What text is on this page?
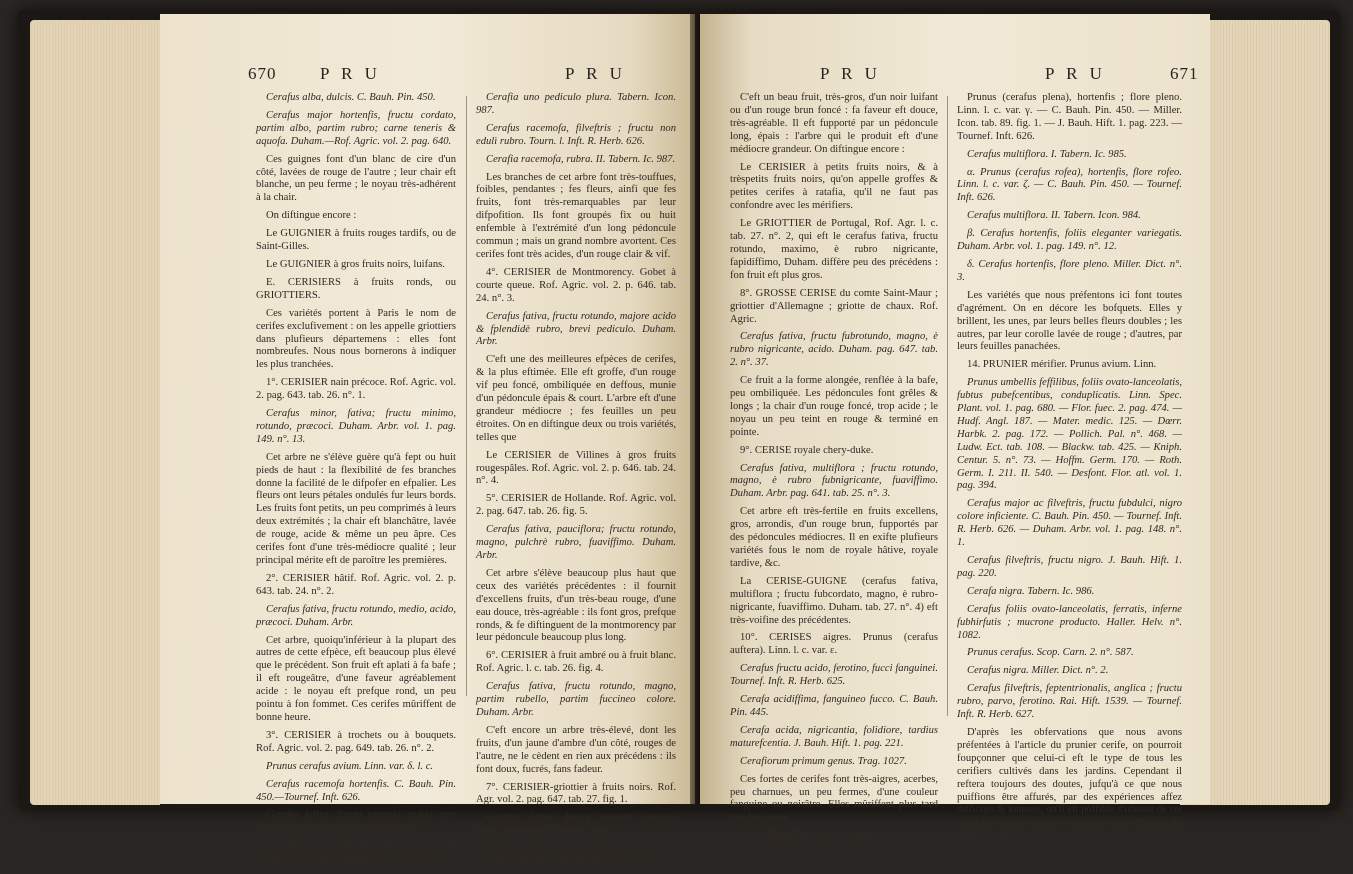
670	P R U	P R U

Cerafus alba, dulcis. C. Bauh. Pin. 450.

Cerafus major hortenfis, fructu cordato, partim albo, partim rubro; carne teneris & aquofa. Duham.—Rof. Agric. vol. 2. pag. 640.

Ces guignes font d'un blanc de cire d'un côté, lavées de rouge de l'autre ; leur chair eft blanche, un peu ferme ; le noyau très-adhérent à la chair.

On diftingue encore :

Le GUIGNIER à fruits rouges tardifs, ou de Saint-Gilles.

Le GUIGNIER à gros fruits noirs, luifans.

E. CERISIERS à fruits ronds, ou GRIOTTIERS.

Ces variétés portent à Paris le nom de cerifes exclufivement : on les appelle griottiers dans plufieurs départemens : elles font nombreufes. Nous nous bornerons à indiquer les plus tranchées.

1°. CERISIER nain précoce. Rof. Agric. vol. 2. pag. 643. tab. 26. n°. 1.

Cerafus minor, fativa; fructu minimo, rotundo, præcoci. Duham. Arbr. vol. 1. pag. 149. n°. 13.

Cet arbre ne s'élève guère qu'à fept ou huit pieds de haut : la flexibilité de fes branches donne la facilité de le difpofer en efpalier. Les fleurs ont leurs pétales ondulés fur leurs bords. Les fruits font petits, un peu comprimés à leurs deux extrémités ; la chair eft blanchâtre, lavée de rouge, acide & même un peu âpre. Ces cerifes font d'une très-médiocre qualité ; leur principal mérite eft de paroître les premières.

2°. CERISIER hâtif. Rof. Agric. vol. 2. p. 643. tab. 24. n°. 2.

Cerafus fativa, fructu rotundo, medio, acido, præcoci. Duham. Arbr.

Cet arbre, quoiqu'inférieur à la plupart des autres de cette efpèce, eft beaucoup plus élevé que le précédent. Son fruit eft aplati à fa bafe ; il eft rougeâtre, d'une faveur agréablement acide : le noyau eft prefque rond, un peu pointu à fon fommet. Ces cerifes mûriffent de bonne heure.

3°. CERISIER à trochets ou à bouquets. Rof. Agric. vol. 2. pag. 649. tab. 26. n°. 2.

Prunus cerafus avium. Linn. var. δ. l. c.

Cerafus racemofa hortenfis. C. Bauh. Pin. 450.—Tournef. Inft. 626.

Cerafus fativa, fructu rotundo, acido, uno pediculo plures ferens. Duham. Arbr.

Cerafus uno pediculo plura ferens, & cerafus racemofa. J. Bauh. Hift. 1. pag. 225.

Cerafia uno pediculo plura. Tabern. Icon. 987.

Cerafus racemofa, filveftris ; fructu non edulì rubro. Tourn. l. Inft. R. Herb. 626.

Cerafia racemofa, rubra. II. Tabern. Ic. 987.

Les branches de cet arbre font très-touffues, foibles, pendantes ; fes fleurs, ainfi que fes fruits, font très-remarquables par leur difpofition. Ils font groupés fix ou huit enfemble à l'extrémité d'un long pédoncule commun ; mais un grand nombre avortent. Ces cerifes font très acides, d'un rouge clair & vif.

4°. CERISIER de Montmorency. Gobet à courte queue. Rof. Agric. vol. 2. p. 646. tab. 24. n°. 3.

Cerafus fativa, fructu rotundo, majore acido & fplendidè rubro, brevi pediculo. Duham. Arbr.

C'eft une des meilleures efpèces de cerifes, & la plus eftimée. Elle eft groffe, d'un rouge vif peu foncé, ombiliquée en deffous, munie d'un pédoncule épais & court. L'arbre eft d'une grandeur médiocre ; fes feuilles un peu étroites. On en diftingue deux ou trois variétés, telles que

Le CERISIER de Villines à gros fruits rougespâles. Rof. Agric. vol. 2. p. 646. tab. 24. n°. 4.

5°. CERISIER de Hollande. Rof. Agric. vol. 2. pag. 647. tab. 26. fig. 5.

Cerafus fativa, pauciflora; fructu rotundo, magno, pulchrè rubro, fuaviffimo. Duham. Arbr.

Cet arbre s'élève beaucoup plus haut que ceux des variétés précédentes : il fournit d'excellens fruits, d'un très-beau rouge, d'une eau douce, très-agréable : ils font gros, prefque ronds, & fe diftinguent de la montmorency par leur pédoncule beaucoup plus long.

6°. CERISIER à fruit ambré ou à fruit blanc. Rof. Agric. l. c. tab. 26. fig. 4.

Cerafus fativa, fructu rotundo, magno, partim rubello, partim fuccineo colore. Duham. Arbr.

C'eft encore un arbre très-élevé, dont les fruits, d'un jaune d'ambre d'un côté, rouges de l'autre, ne le cèdent en rien aux précédens : ils font doux, fucrés, fans fadeur.

7°. CERISIER-griottier à fruits noirs. Rof. Agr. vol. 2. pag. 647. tab. 27. fig. 1.

Cerafus fativa, fructu rotundo, magno, nigro, fuaviffimo. Duham. Arbr.

Cerafus fativa, fructu orbiculato, nigerrimo, mi cante. Tournef. Inft. R. Herb. 626.

P R U	P R U	671

C'eft un beau fruit, très-gros, d'un noir luifant ou d'un rouge brun foncé : fa faveur eft douce, très-agréable. Il eft fupporté par un pédoncule long, épais : l'arbre qui le produit eft d'une médiocre grandeur. On diftingue encore :

Le CERISIER à petits fruits noirs, & à trèspetits fruits noirs, qu'on appelle groffes & petites cerifes à ratafia, qu'il ne faut pas confondre avec les mérifiers.

Le GRIOTTIER de Portugal, Rof. Agr. l. c. tab. 27. n°. 2, qui eft le cerafus fativa, fructu rotundo, maximo, è rubro nigricante, fapidiffimo, Duham. diffère peu des précédens : fon fruit eft plus gros.

8°. GROSSE CERISE du comte Saint-Maur ; griottier d'Allemagne ; griotte de chaux. Rof. Agric.

Cerafus fativa, fructu fubrotundo, magno, è rubro nigricante, acido. Duham. pag. 647. tab. 2. n°. 37.

Ce fruit a la forme alongée, renflée à la bafe, peu ombiliquée. Les pédoncules font grêles & longs ; la chair d'un rouge foncé, trop acide ; le noyau un peu teint en rouge & terminé en pointe.

9°. CERISE royale chery-duke.

Cerafus fativa, multiflora ; fructu rotundo, magno, è rubro fubnigricante, fuaviffimo. Duham. Arbr. pag. 641. tab. 25. n°. 3.

Cet arbre eft très-fertile en fruits excellens, gros, arrondis, d'un rouge brun, fupportés par des pédoncules médiocres. Il en exifte plufieurs variétés fous le nom de royale hâtive, royale tardive, &c.

La CERISE-GUIGNE (cerafus fativa, multiflora ; fructu fubcordato, magno, è rubro-nigricante, fuaviffimo. Duham. tab. 27. n°. 4) eft très-voifine des précédentes.

10°. CERISES aigres. Prunus (cerafus auftera). Linn. l. c. var. ε.

Cerafus fructu acido, ferotino, fucci fanguinei. Tournef. Inft. R. Herb. 625.

Cerafa acidiffima, fanguineo fucco. C. Bauh. Pin. 445.

Cerafa acida, nigricantia, folidiore, tardius maturefcentia. J. Bauh. Hift. 1. pag. 221.

Cerafiorum primum genus. Trag. 1027.

Ces fortes de cerifes font très-aigres, acerbes, peu charnues, un peu fermes, d'une couleur fanguine ou noirâtre. Elles mûriffent plus tard que les autres.

11°. CERISIER à fleurs doubles.

Prunus (cerafus plena), hortenfis ; flore pleno. Linn. l. c. var. γ. — C. Bauh. Pin. 450. — Miller. Icon. tab. 89. fig. 1. — J. Bauh. Hift. 1. pag. 223. — Tournef. Inft. 626.

Cerafus multiflora. I. Tabern. Ic. 985.

α. Prunus (cerafus rofea), hortenfis, flore rofeo. Linn. l. c. var. ζ. — C. Bauh. Pin. 450. — Tournef. Inft. 626.

Cerafus multiflora. II. Tabern. Icon. 984.

β. Cerafus hortenfis, foliis eleganter variegatis. Duham. Arbr. vol. 1. pag. 149. n°. 12.

δ. Cerafus hortenfis, flore pleno. Miller. Dict. n°. 3.

Les variétés que nous préfentons ici font toutes d'agrément. On en décore les bofquets. Elles y brillent, les unes, par leurs belles fleurs doubles ; les autres, par leur corolle lavée de rouge ; d'autres, par leurs feuilles panachées.

14. PRUNIER mérifier. Prunus avium. Linn.

Prunus umbellis feffilibus, foliis ovato-lanceolatis, fubtus pubefcentibus, conduplicatis. Linn. Spec. Plant. vol. 1. pag. 680. — Flor. fuec. 2. pag. 474. — Hudf. Angl. 187. — Mater. medic. 125. — Dœrr. Harbk. 2. pag. 172. — Pollich. Pal. n°. 468. — Ludw. Ect. tab. 108. — Blackw. tab. 425. — Kniph. Centur. 5. n°. 73. — Hoffm. Germ. 170. — Roth. Germ. I. 211. II. 540. — Desfont. Flor. atl. vol. 1. pag. 394.

Cerafus major ac filveftris, fructu fubdulci, nigro colore inficiente. C. Bauh. Pin. 450. — Tournef. Inft. R. Herb. 626. — Duham. Arbr. vol. 1. pag. 148. n°. 1.

Cerafus filveftris, fructu nigro. J. Bauh. Hift. 1. pag. 220.

Cerafa nigra. Tabern. Ic. 986.

Cerafus foliis ovato-lanceolatis, ferratis, inferne fubhirfutis ; mucrone producto. Haller. Helv. n°. 1082.

Prunus cerafus. Scop. Carn. 2. n°. 587.

Cerafus nigra. Miller. Dict. n°. 2.

Cerafus filveftris, feptentrionalis, anglica ; fructu rubro, parvo, ferotino. Rai. Hift. 1539. — Tournef. Inft. R. Herb. 627.

D'après les obfervations que nous avons préfentées à l'article du prunier cerife, on pourroit foupçonner que celui-ci eft le type de tous les cerifiers cultivés dans les jardins. Cependant il reftera toujours des doutes, jufqu'à ce que nous puiffions être affurés, par des expériences affez difficiles & longues, qu'il eft poffible d'obtenir de cet arbre fauvage les mêmes fruits que nous obtenons du cerifier cultivé.
